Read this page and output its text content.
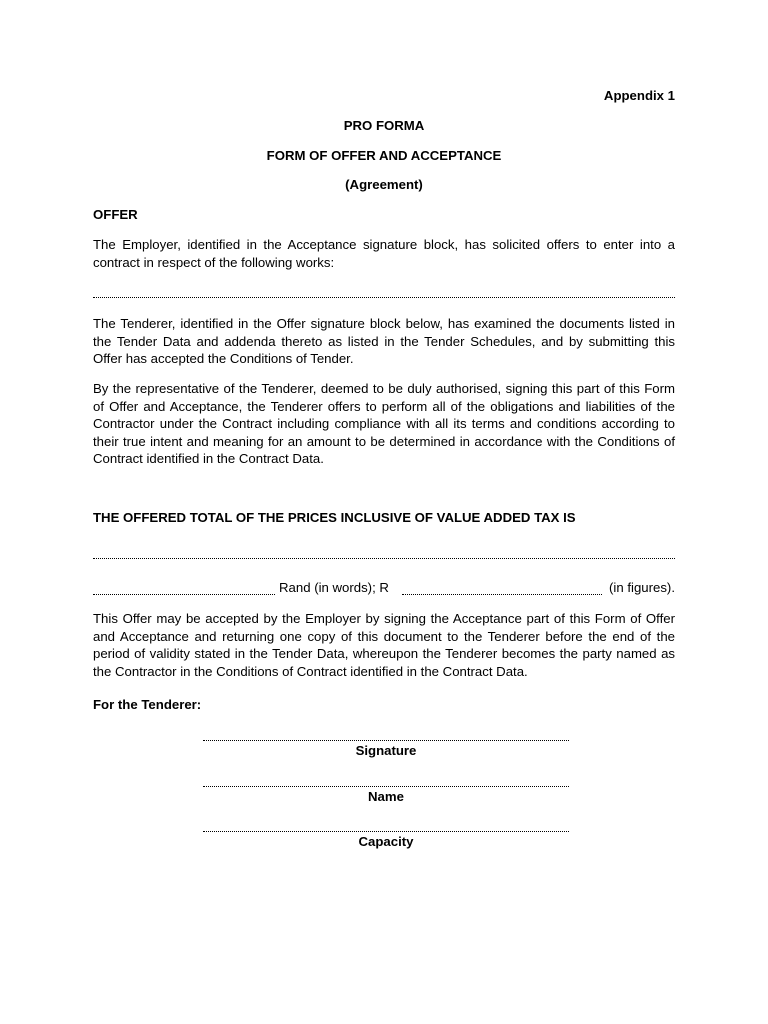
Appendix 1
PRO FORMA
FORM OF OFFER AND ACCEPTANCE
(Agreement)
OFFER

The Employer, identified in the Acceptance signature block, has solicited offers to enter into a contract in respect of the following works:

The Tenderer, identified in the Offer signature block below, has examined the documents listed in the Tender Data and addenda thereto as listed in the Tender Schedules, and by submitting this Offer has accepted the Conditions of Tender.

By the representative of the Tenderer, deemed to be duly authorised, signing this part of this Form of Offer and Acceptance, the Tenderer offers to perform all of the obligations and liabilities of the Contractor under the Contract including compliance with all its terms and conditions according to their true intent and meaning for an amount to be determined in accordance with the Conditions of Contract identified in the Contract Data.

THE OFFERED TOTAL OF THE PRICES INCLUSIVE OF VALUE ADDED TAX IS
Rand (in words); R	(in figures).

This Offer may be accepted by the Employer by signing the Acceptance part of this Form of Offer and Acceptance and returning one copy of this document to the Tenderer before the end of the period of validity stated in the Tender Data, whereupon the Tenderer becomes the party named as the Contractor in the Conditions of Contract identified in the Contract Data.

For the Tenderer:
Signature
Name
Capacity
